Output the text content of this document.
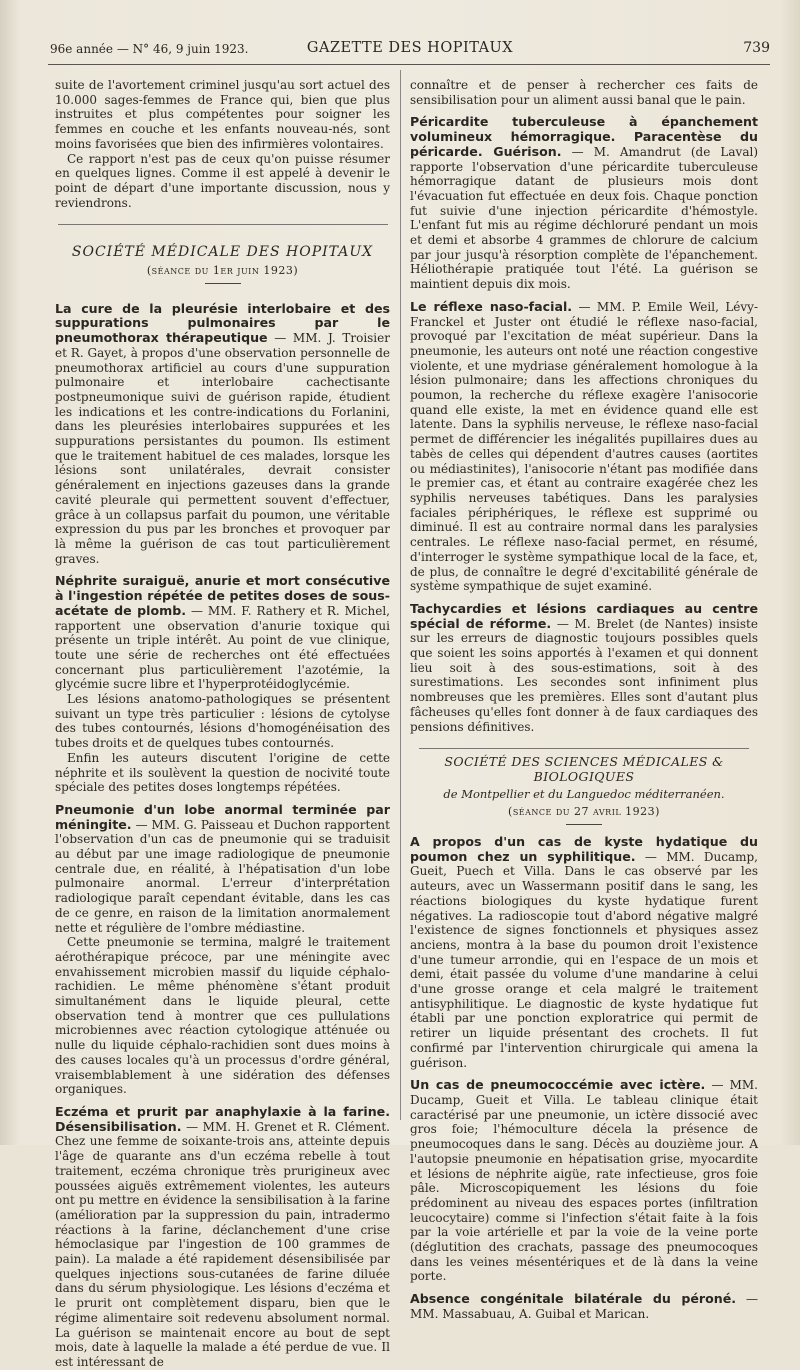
96e année — N° 46, 9 juin 1923.	GAZETTE DES HOPITAUX	739

suite de l'avortement criminel jusqu'au sort actuel des 10.000 sages-femmes de France qui, bien que plus instruites et plus compétentes pour soigner les femmes en couche et les enfants nouveau-nés, sont moins favorisées que bien des infirmières volontaires.

Ce rapport n'est pas de ceux qu'on puisse résumer en quelques lignes. Comme il est appelé à devenir le point de départ d'une importante discussion, nous y reviendrons.

SOCIÉTÉ MÉDICALE DES HOPITAUX
(séance du 1er juin 1923)

La cure de la pleurésie interlobaire et des suppurations pulmonaires par le pneumothorax thérapeutique — MM. J. Troisier et R. Gayet, à propos d'une observation personnelle de pneumothorax artificiel au cours d'une suppuration pulmonaire et interlobaire cachectisante postpneumonique suivi de guérison rapide, étudient les indications et les contre-indications du Forlanini, dans les pleurésies interlobaires suppurées et les suppurations persistantes du poumon. Ils estiment que le traitement habituel de ces malades, lorsque les lésions sont unilatérales, devrait consister généralement en injections gazeuses dans la grande cavité pleurale qui permettent souvent d'effectuer, grâce à un collapsus parfait du poumon, une véritable expression du pus par les bronches et provoquer par là même la guérison de cas tout particulièrement graves.

Néphrite suraiguë, anurie et mort consécutive à l'ingestion répétée de petites doses de sous-acétate de plomb. — MM. F. Rathery et R. Michel, rapportent une observation d'anurie toxique qui présente un triple intérêt. Au point de vue clinique, toute une série de recherches ont été effectuées concernant plus particulièrement l'azotémie, la glycémie sucre libre et l'hyperprotéidoglycémie.

Les lésions anatomo-pathologiques se présentent suivant un type très particulier : lésions de cytolyse des tubes contournés, lésions d'homogénéisation des tubes droits et de quelques tubes contournés.

Enfin les auteurs discutent l'origine de cette néphrite et ils soulèvent la question de nocivité toute spéciale des petites doses longtemps répétées.

Pneumonie d'un lobe anormal terminée par méningite. — MM. G. Paisseau et Duchon rapportent l'observation d'un cas de pneumonie qui se traduisit au début par une image radiologique de pneumonie centrale due, en réalité, à l'hépatisation d'un lobe pulmonaire anormal. L'erreur d'interprétation radiologique paraît cependant évitable, dans les cas de ce genre, en raison de la limitation anormalement nette et régulière de l'ombre médiastine.

Cette pneumonie se termina, malgré le traitement aérothérapique précoce, par une méningite avec envahissement microbien massif du liquide céphalo-rachidien. Le même phénomène s'étant produit simultanément dans le liquide pleural, cette observation tend à montrer que ces pullulations microbiennes avec réaction cytologique atténuée ou nulle du liquide céphalo-rachidien sont dues moins à des causes locales qu'à un processus d'ordre général, vraisemblablement à une sidération des défenses organiques.

Eczéma et prurit par anaphylaxie à la farine. Désensibilisation. — MM. H. Grenet et R. Clément. Chez une femme de soixante-trois ans, atteinte depuis l'âge de quarante ans d'un eczéma rebelle à tout traitement, eczéma chronique très prurigineux avec poussées aiguës extrêmement violentes, les auteurs ont pu mettre en évidence la sensibilisation à la farine (amélioration par la suppression du pain, intradermo réactions à la farine, déclanchement d'une crise hémoclasique par l'ingestion de 100 grammes de pain). La malade a été rapidement désensibilisée par quelques injections sous-cutanées de farine diluée dans du sérum physiologique. Les lésions d'eczéma et le prurit ont complètement disparu, bien que le régime alimentaire soit redevenu absolument normal. La guérison se maintenait encore au bout de sept mois, date à laquelle la malade a été perdue de vue. Il est intéressant de

connaître et de penser à rechercher ces faits de sensibilisation pour un aliment aussi banal que le pain.

Péricardite tuberculeuse à épanchement volumineux hémorragique. Paracentèse du péricarde. Guérison. — M. Amandrut (de Laval) rapporte l'observation d'une péricardite tuberculeuse hémorragique datant de plusieurs mois dont l'évacuation fut effectuée en deux fois. Chaque ponction fut suivie d'une injection péricardite d'hémostyle. L'enfant fut mis au régime déchloruré pendant un mois et demi et absorbe 4 grammes de chlorure de calcium par jour jusqu'à résorption complète de l'épanchement. Héliothérapie pratiquée tout l'été. La guérison se maintient depuis dix mois.

Le réflexe naso-facial. — MM. P. Emile Weil, Lévy-Franckel et Juster ont étudié le réflexe naso-facial, provoqué par l'excitation de méat supérieur. Dans la pneumonie, les auteurs ont noté une réaction congestive violente, et une mydriase généralement homologue à la lésion pulmonaire; dans les affections chroniques du poumon, la recherche du réflexe exagère l'anisocorie quand elle existe, la met en évidence quand elle est latente. Dans la syphilis nerveuse, le réflexe naso-facial permet de différencier les inégalités pupillaires dues au tabès de celles qui dépendent d'autres causes (aortites ou médiastinites), l'anisocorie n'étant pas modifiée dans le premier cas, et étant au contraire exagérée chez les syphilis nerveuses tabétiques. Dans les paralysies faciales périphériques, le réflexe est supprimé ou diminué. Il est au contraire normal dans les paralysies centrales. Le réflexe naso-facial permet, en résumé, d'interroger le système sympathique local de la face, et, de plus, de connaître le degré d'excitabilité générale de système sympathique de sujet examiné.

Tachycardies et lésions cardiaques au centre spécial de réforme. — M. Brelet (de Nantes) insiste sur les erreurs de diagnostic toujours possibles quels que soient les soins apportés à l'examen et qui donnent lieu soit à des sous-estimations, soit à des surestimations. Les secondes sont infiniment plus nombreuses que les premières. Elles sont d'autant plus fâcheuses qu'elles font donner à de faux cardiaques des pensions définitives.

SOCIÉTÉ DES SCIENCES MÉDICALES & BIOLOGIQUES
de Montpellier et du Languedoc méditerranéen.
(séance du 27 avril 1923)

A propos d'un cas de kyste hydatique du poumon chez un syphilitique. — MM. Ducamp, Gueit, Puech et Villa. Dans le cas observé par les auteurs, avec un Wassermann positif dans le sang, les réactions biologiques du kyste hydatique furent négatives. La radioscopie tout d'abord négative malgré l'existence de signes fonctionnels et physiques assez anciens, montra à la base du poumon droit l'existence d'une tumeur arrondie, qui en l'espace de un mois et demi, était passée du volume d'une mandarine à celui d'une grosse orange et cela malgré le traitement antisyphilitique. Le diagnostic de kyste hydatique fut établi par une ponction exploratrice qui permit de retirer un liquide présentant des crochets. Il fut confirmé par l'intervention chirurgicale qui amena la guérison.

Un cas de pneumococcémie avec ictère. — MM. Ducamp, Gueit et Villa. Le tableau clinique était caractérisé par une pneumonie, un ictère dissocié avec gros foie; l'hémoculture décela la présence de pneumocoques dans le sang. Décès au douzième jour. A l'autopsie pneumonie en hépatisation grise, myocardite et lésions de néphrite aigüe, rate infectieuse, gros foie pâle. Microscopiquement les lésions du foie prédominent au niveau des espaces portes (infiltration leucocytaire) comme si l'infection s'était faite à la fois par la voie artérielle et par la voie de la veine porte (déglutition des crachats, passage des pneumocoques dans les veines mésentériques et de là dans la veine porte.

Absence congénitale bilatérale du péroné. — MM. Massabuau, A. Guibal et Marican.
